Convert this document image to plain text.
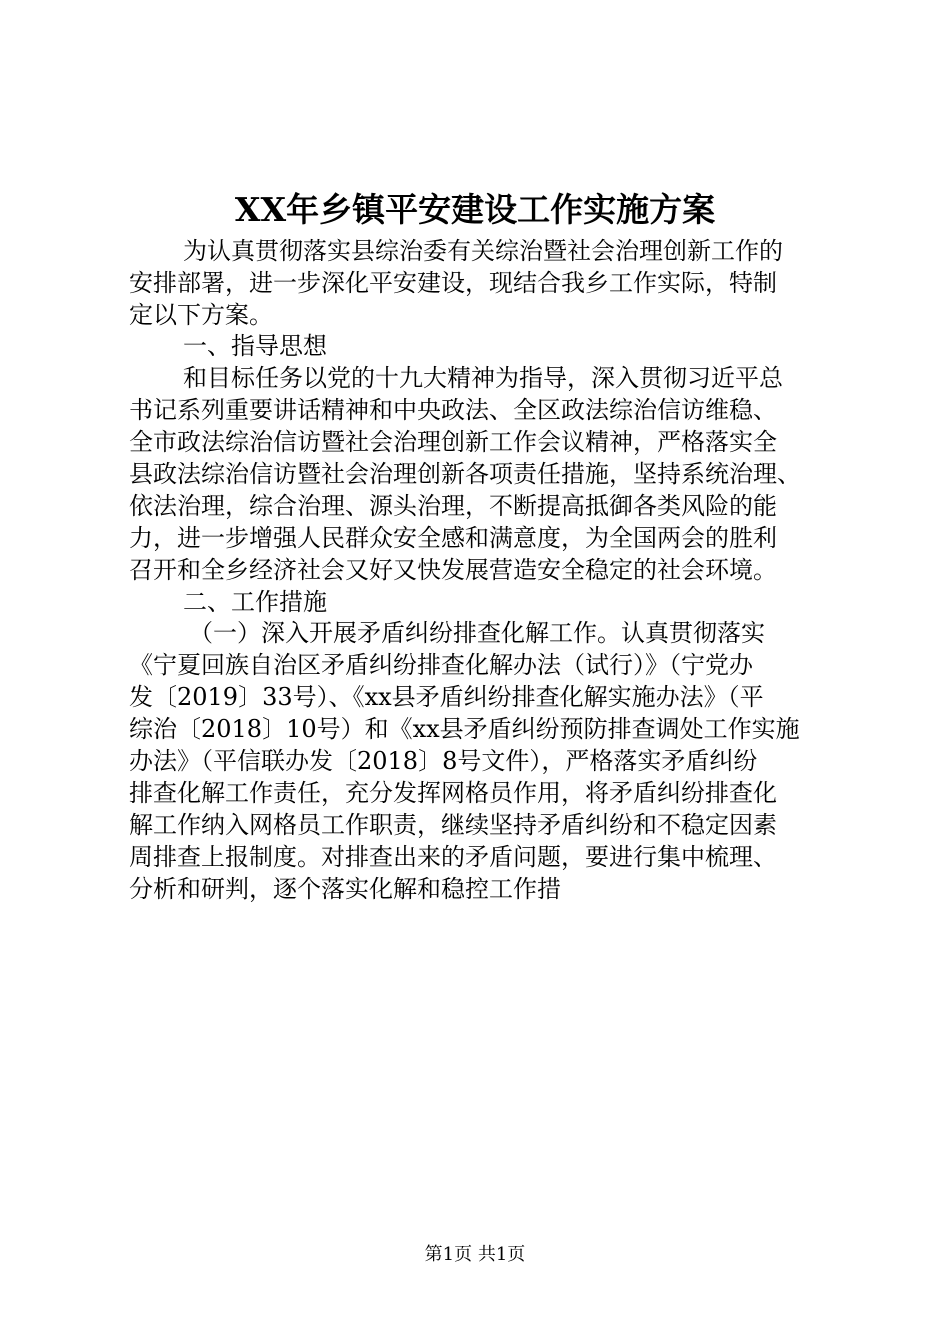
XX年乡镇平安建设工作实施方案
为认真贯彻落实县综治委有关综治暨社会治理创新工作的
安排部署，进一步深化平安建设，现结合我乡工作实际，特制
定以下方案。
一、指导思想
和目标任务以党的十九大精神为指导，深入贯彻习近平总
书记系列重要讲话精神和中央政法、全区政法综治信访维稳、
全市政法综治信访暨社会治理创新工作会议精神，严格落实全
县政法综治信访暨社会治理创新各项责任措施，坚持系统治理、
依法治理，综合治理、源头治理，不断提高抵御各类风险的能
力，进一步增强人民群众安全感和满意度，为全国两会的胜利
召开和全乡经济社会又好又快发展营造安全稳定的社会环境。
二、工作措施
（一）深入开展矛盾纠纷排查化解工作。认真贯彻落实
《宁夏回族自治区矛盾纠纷排查化解办法（试行）》（宁党办
发〔2019〕33号）、《xx县矛盾纠纷排查化解实施办法》（平
综治〔2018〕10号）和《xx县矛盾纠纷预防排查调处工作实施
办法》（平信联办发〔2018〕8号文件），严格落实矛盾纠纷
排查化解工作责任，充分发挥网格员作用，将矛盾纠纷排查化
解工作纳入网格员工作职责，继续坚持矛盾纠纷和不稳定因素
周排查上报制度。对排查出来的矛盾问题，要进行集中梳理、
分析和研判，逐个落实化解和稳控工作措
第1页 共1页
